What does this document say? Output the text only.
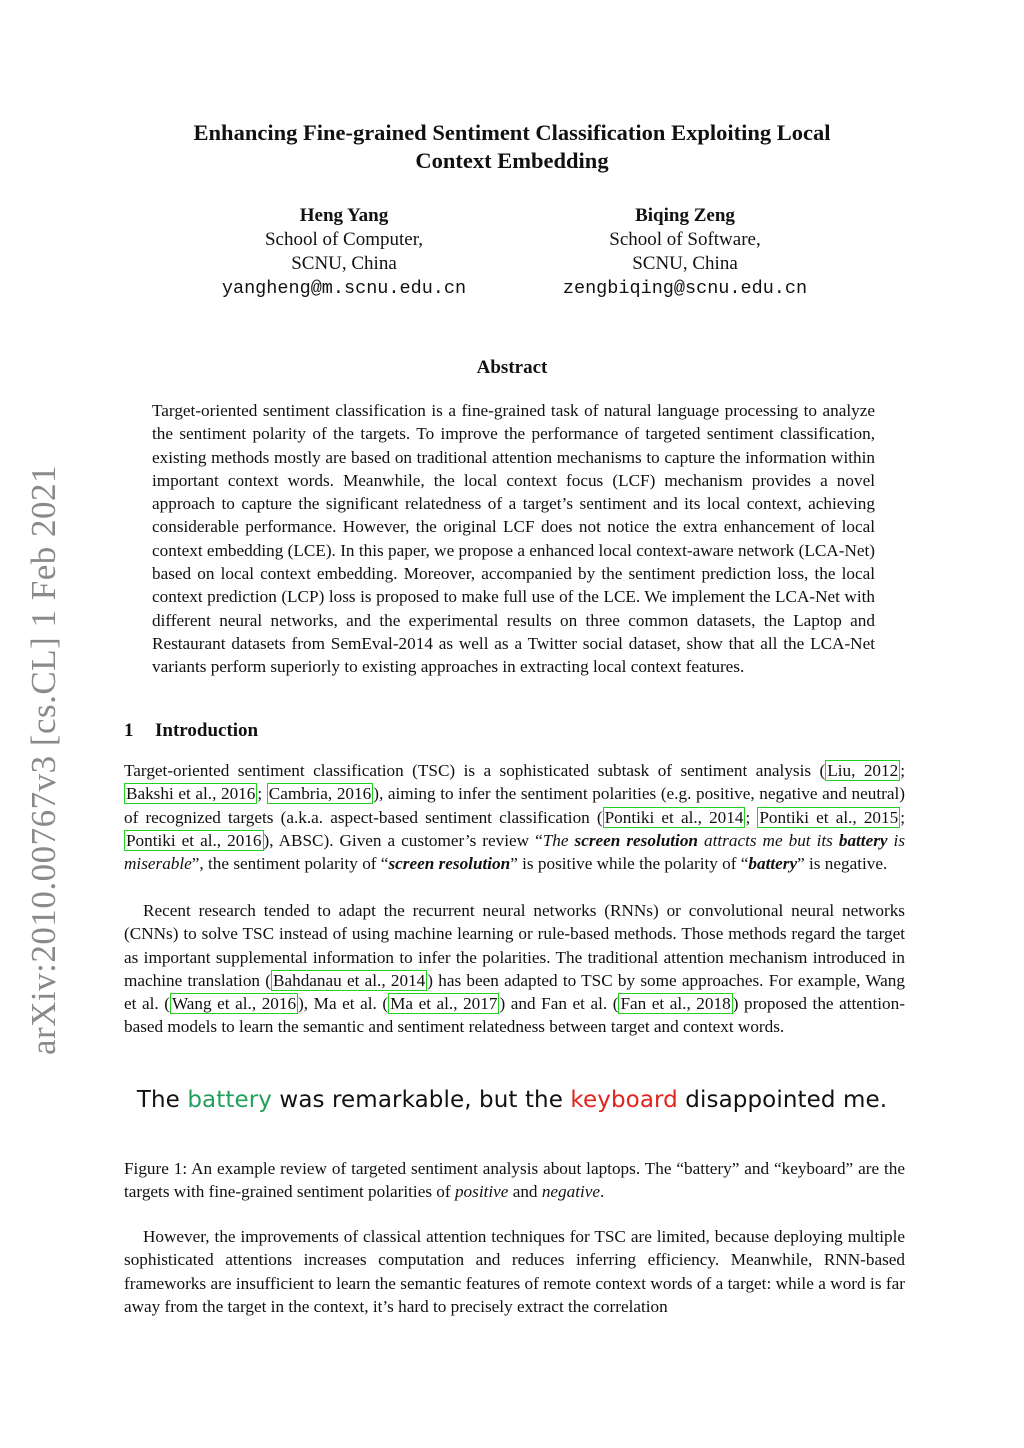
arXiv:2010.00767v3 [cs.CL] 1 Feb 2021
Enhancing Fine-grained Sentiment Classification Exploiting Local
Context Embedding
Heng Yang
School of Computer,
SCNU, China
yangheng@m.scnu.edu.cn
Biqing Zeng
School of Software,
SCNU, China
zengbiqing@scnu.edu.cn
Abstract
Target-oriented sentiment classification is a fine-grained task of natural language processing to analyze the sentiment polarity of the targets. To improve the performance of targeted sentiment classification, existing methods mostly are based on traditional attention mechanisms to capture the information within important context words. Meanwhile, the local context focus (LCF) mechanism provides a novel approach to capture the significant relatedness of a target’s sentiment and its local context, achieving considerable performance. However, the original LCF does not notice the extra enhancement of local context embedding (LCE). In this paper, we propose a enhanced local context-aware network (LCA-Net) based on local context embedding. Moreover, accompanied by the sentiment prediction loss, the local context prediction (LCP) loss is proposed to make full use of the LCE. We implement the LCA-Net with different neural networks, and the experimental results on three common datasets, the Laptop and Restaurant datasets from SemEval-2014 as well as a Twitter social dataset, show that all the LCA-Net variants perform superiorly to existing approaches in extracting local context features.
1 Introduction
Target-oriented sentiment classification (TSC) is a sophisticated subtask of sentiment analysis ( Liu, 2012 ; Bakshi et al., 2016 ; Cambria, 2016 ), aiming to infer the sentiment polarities (e.g. positive, negative and neutral) of recognized targets (a.k.a. aspect-based sentiment classification ( Pontiki et al., 2014 ; Pontiki et al., 2015 ; Pontiki et al., 2016 ), ABSC). Given a customer’s review “The screen resolution attracts me but its battery is miserable”, the sentiment polarity of “screen resolution” is positive while the polarity of “battery” is negative.
Recent research tended to adapt the recurrent neural networks (RNNs) or convolutional neural networks (CNNs) to solve TSC instead of using machine learning or rule-based methods. Those methods regard the target as important supplemental information to infer the polarities. The traditional attention mechanism introduced in machine translation ( Bahdanau et al., 2014 ) has been adapted to TSC by some approaches. For example, Wang et al. ( Wang et al., 2016 ), Ma et al. ( Ma et al., 2017 ) and Fan et al. ( Fan et al., 2018 ) proposed the attention-based models to learn the semantic and sentiment relatedness between target and context words.
The battery was remarkable, but the keyboard disappointed me.
Figure 1: An example review of targeted sentiment analysis about laptops. The “battery” and “keyboard” are the targets with fine-grained sentiment polarities of positive and negative.
However, the improvements of classical attention techniques for TSC are limited, because deploying multiple sophisticated attentions increases computation and reduces inferring efficiency. Meanwhile, RNN-based frameworks are insufficient to learn the semantic features of remote context words of a target: while a word is far away from the target in the context, it’s hard to precisely extract the correlation
